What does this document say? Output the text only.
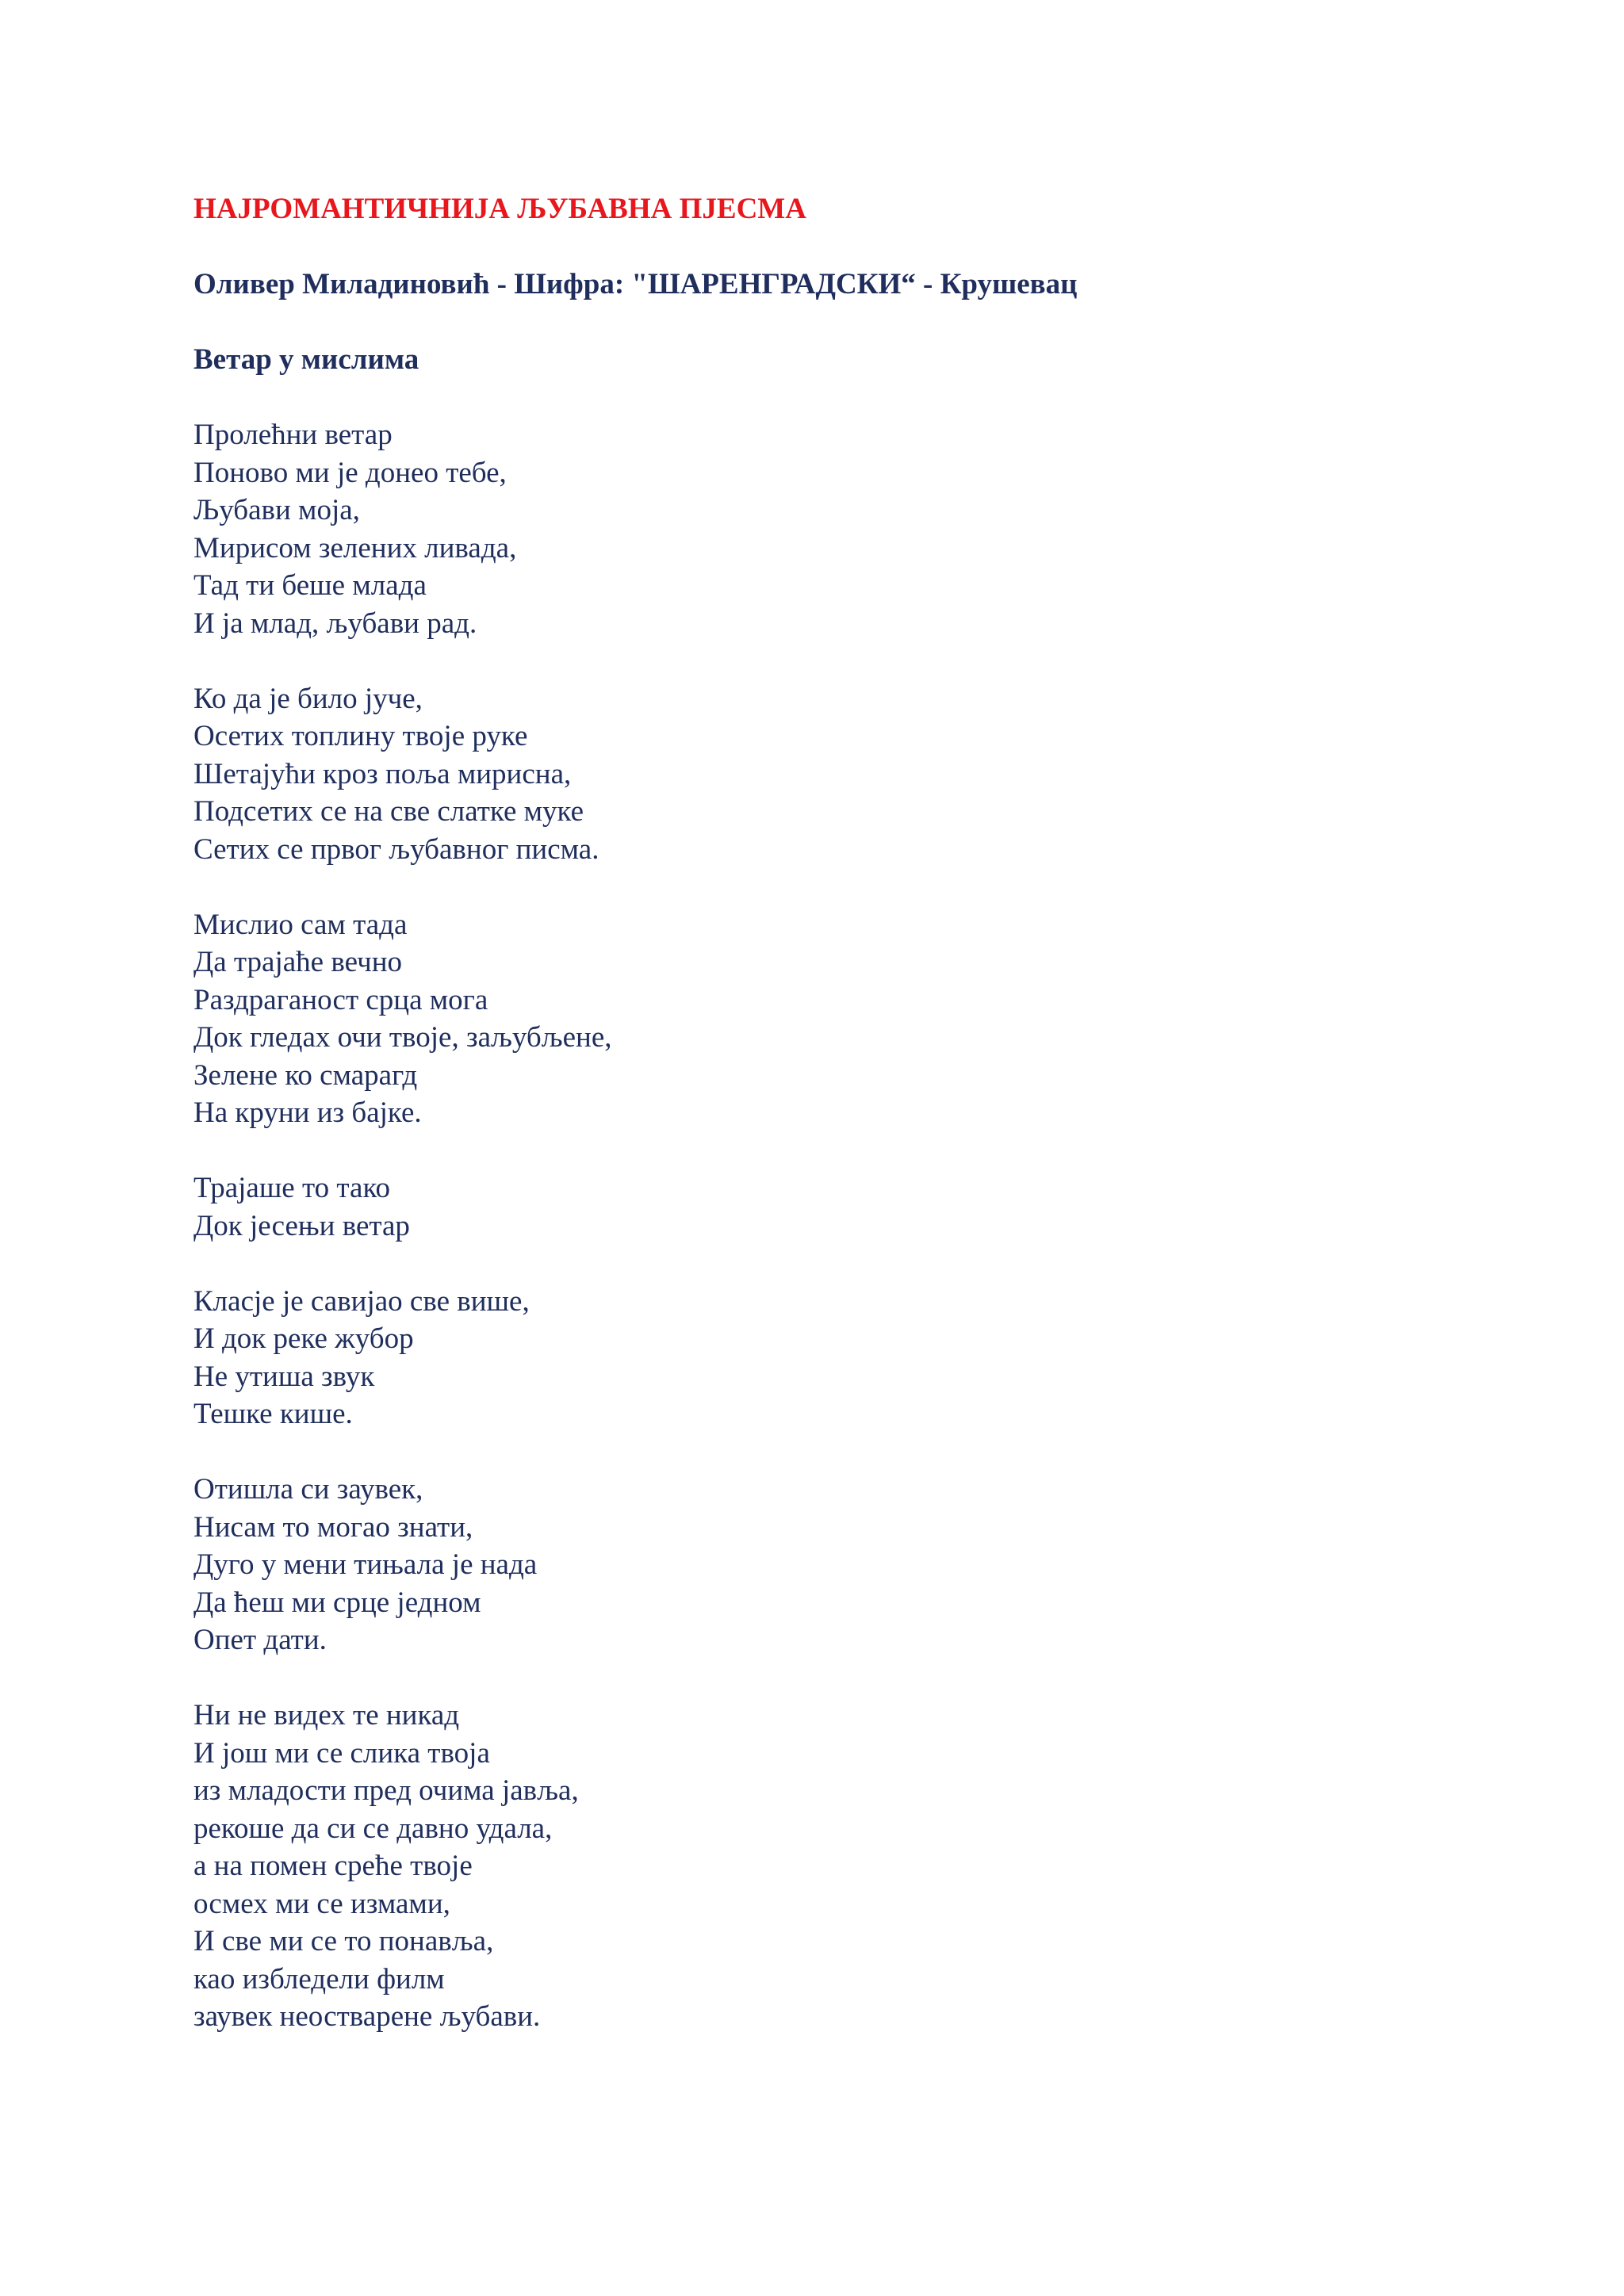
НАЈРОМАНТИЧНИЈА ЉУБАВНА ПЈЕСМА
Оливер Миладиновић - Шифра: "ШАРЕНГРАДСКИ“ - Крушевац
Ветар у мислима
Пролећни ветар
Поново ми је донео тебе,
Љубави моја,
Мирисом зелених ливада,
Тад ти беше млада
И ја млад, љубави рад.
Ко да је било јуче,
Осетих топлину твоје руке
Шетајући кроз поља мирисна,
Подсетих се на све слатке муке
Сетих се првог љубавног писма.
Мислио сам тада
Да трајаће вечно
Раздраганост срца мога
Док гледах очи твоје, заљубљене,
Зелене ко смарагд
На круни из бајке.
Трајаше то тако
Док јесењи ветар
Класје је савијао све више,
И док реке жубор
Не утиша звук
Тешке кише.
Отишла си заувек,
Нисам то могао знати,
Дуго у мени тињала је нада
Да ћеш ми срце једном
Опет дати.
Ни не видех те никад
И још ми се слика твоја
из младости пред очима јавља,
рекоше да си се давно удала,
а на помен среће твоје
осмех ми се измами,
И све ми се то понавља,
као избледели филм
заувек неостварене љубави.
